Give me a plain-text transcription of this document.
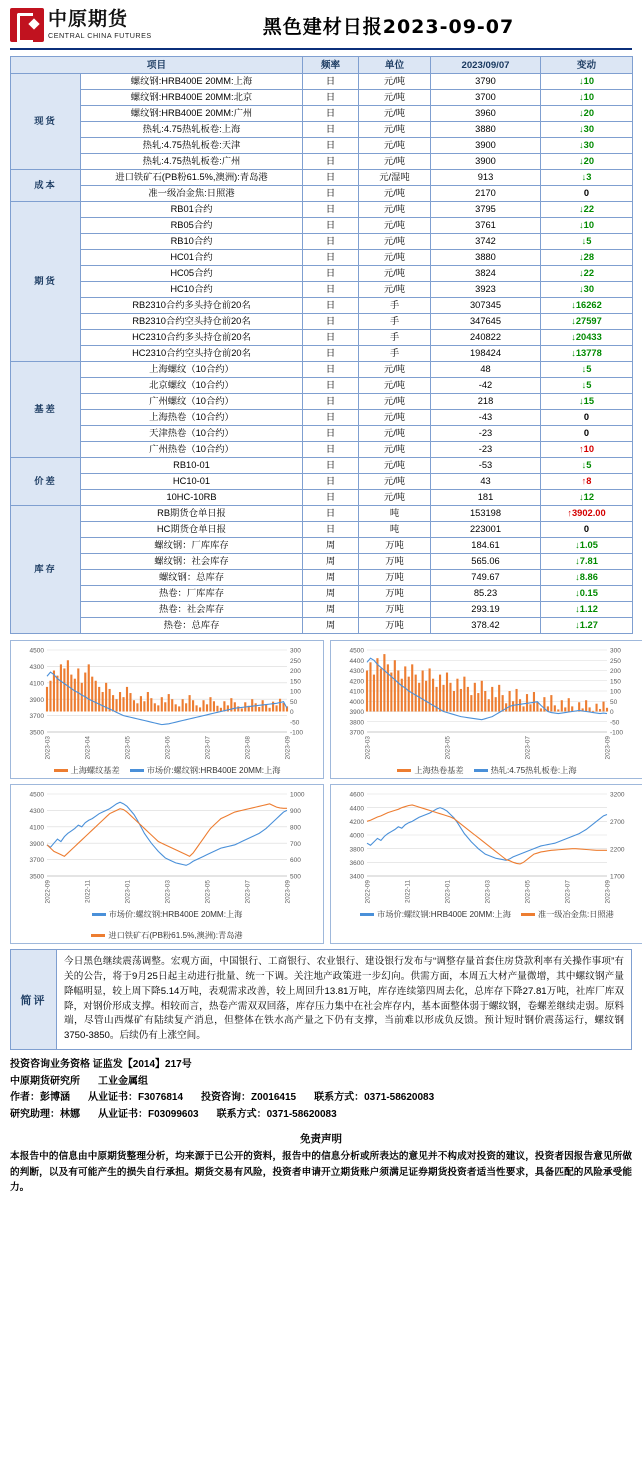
中原期货
CENTRAL CHINA FUTURES	黑色建材日报2023-09-07
项目		频率	单位	2023/09/07	变动
现货	螺纹钢:HRB400E 20MM:上海	日	元/吨	3790	↓10
	螺纹钢:HRB400E 20MM:北京	日	元/吨	3700	↓10
	螺纹钢:HRB400E 20MM:广州	日	元/吨	3960	↓20
	热轧:4.75热轧板卷:上海	日	元/吨	3880	↓30
	热轧:4.75热轧板卷:天津	日	元/吨	3900	↓30
	热轧:4.75热轧板卷:广州	日	元/吨	3900	↓20
成本	进口铁矿石(PB粉61.5%,澳洲):青岛港	日	元/湿吨	913	↓3
	准一级冶金焦:日照港	日	元/吨	2170	0
期货	RB01合约	日	元/吨	3795	↓22
	RB05合约	日	元/吨	3761	↓10
	RB10合约	日	元/吨	3742	↓5
	HC01合约	日	元/吨	3880	↓28
	HC05合约	日	元/吨	3824	↓22
	HC10合约	日	元/吨	3923	↓30
	RB2310合约多头持仓前20名	日	手	307345	↓16262
	RB2310合约空头持仓前20名	日	手	347645	↓27597
	HC2310合约多头持仓前20名	日	手	240822	↓20433
	HC2310合约空头持仓前20名	日	手	198424	↓13778
基差	上海螺纹（10合约）	日	元/吨	48	↓5
	北京螺纹（10合约）	日	元/吨	-42	↓5
	广州螺纹（10合约）	日	元/吨	218	↓15
	上海热卷（10合约）	日	元/吨	-43	0
	天津热卷（10合约）	日	元/吨	-23	0
	广州热卷（10合约）	日	元/吨	-23	↑10
价差	RB10-01	日	元/吨	-53	↓5
	HC10-01	日	元/吨	43	↑8
	10HC-10RB	日	元/吨	181	↓12
库存	RB期货仓单日报	日	吨	153198	↑3902.00
	HC期货仓单日报	日	吨	223001	0
	螺纹钢：厂库库存	周	万吨	184.61	↓1.05
	螺纹钢：社会库存	周	万吨	565.06	↓7.81
	螺纹钢：总库存	周	万吨	749.67	↓8.86
	热卷：厂库库存	周	万吨	85.23	↓0.15
	热卷：社会库存	周	万吨	293.19	↓1.12
	热卷：总库存	周	万吨	378.42	↓1.27
3500
3700
3900
4100
4300
4500
-100
-50
0
50
100
150
200
250
300
2023-03	2023-04	2023-05	2023-06	2023-07	2023-08	2023-09
上海螺纹基差	市场价:螺纹钢:HRB400E 20MM:上海
3700
3800
3900
4000
4100
4200
4300
4400
4500
-100
-50
0
50
100
150
200
250
300
2023-03	2023-05	2023-07	2023-09
上海热卷基差	热轧:4.75热轧板卷:上海
3500
3700
3900
4100
4300
4500
500
600
700
800
900
1000
2022-09	2022-11	2023-01	2023-03	2023-05	2023-07	2023-09
市场价:螺纹钢:HRB400E 20MM:上海
进口铁矿石(PB粉61.5%,澳洲):青岛港
3400
3600
3800
4000
4200
4400
4600
1700
2200
2700
3200
2022-09	2022-11	2023-01	2023-03	2023-05	2023-07	2023-09
市场价:螺纹钢:HRB400E 20MM:上海	准一级冶金焦:日照港
简评	今日黑色继续震荡调整。宏观方面，中国银行、工商银行、农业银行、建设银行发布与“调整存量首套住房贷款利率有关操作事项”有关的公告，将于9月25日起主动进行批量、统一下调。关注地产政策进一步幻向。供需方面，本周五大材产量微增，其中螺纹钢产量降幅明显，较上周下降5.14万吨，表观需求改善，较上周回升13.81万吨，库存连续第四周去化，总库存下降27.81万吨，社库厂库双降，对钢价形成支撑。相较而言，热卷产需双双回落，库存压力集中在社会库存内，基本面整体弱于螺纹钢，卷螺差继续走弱。原料端，尽管山西煤矿有陆续复产消息，但整体在铁水高产量之下仍有支撑，当前难以形成负反馈。预计短时钢价震荡运行，螺纹钢3750-3850。后续仍有上涨空间。
投资咨询业务资格 证监发【2014】217号
中原期货研究所 工业金属组
作者：彭博涵 从业证书：F3076814 投资咨询：Z0016415 联系方式：0371-58620083
研究助理：林娜 从业证书：F03099603 联系方式：0371-58620083
免责声明
本报告中的信息由中原期货整理分析，均来源于已公开的资料，报告中的信息分析或所表达的意见并不构成对投资的建议，投资者因报告意见所做的判断，以及有可能产生的损失自行承担。期货交易有风险，投资者申请开立期货账户须满足证券期货投资者适当性要求，具备匹配的风险承受能力。
